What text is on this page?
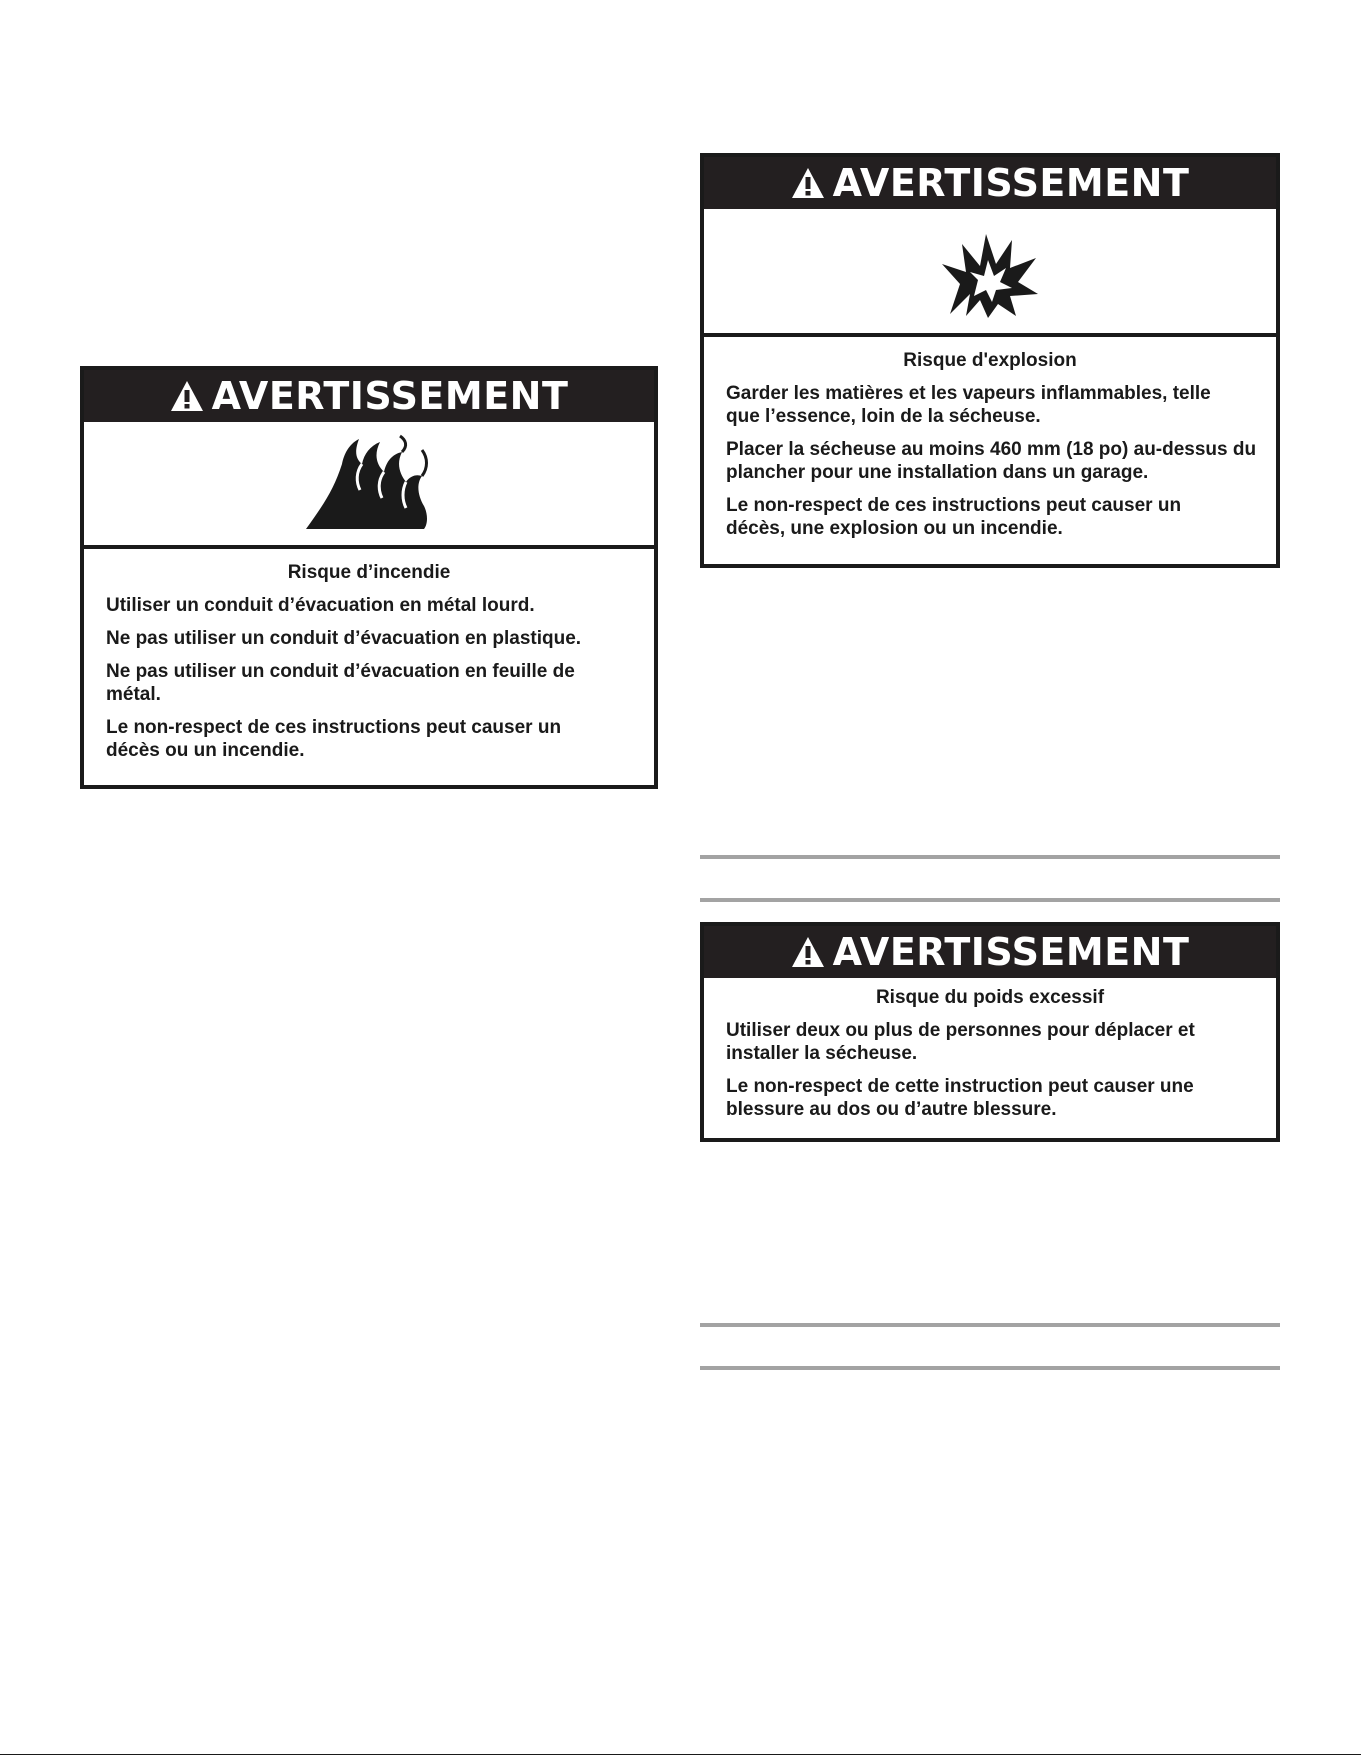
AVERTISSEMENT
Risque d’incendie

Utiliser un conduit d’évacuation en métal lourd.

Ne pas utiliser un conduit d’évacuation en plastique.

Ne pas utiliser un conduit d’évacuation en feuille de métal.

Le non-respect de ces instructions peut causer un décès ou un incendie.

AVERTISSEMENT
Risque d'explosion

Garder les matières et les vapeurs inflammables, telle que l’essence, loin de la sécheuse.

Placer la sécheuse au moins 460 mm (18 po) au-dessus du plancher pour une installation dans un garage.

Le non-respect de ces instructions peut causer un décès, une explosion ou un incendie.

AVERTISSEMENT
Risque du poids excessif

Utiliser deux ou plus de personnes pour déplacer et installer la sécheuse.

Le non-respect de cette instruction peut causer une blessure au dos ou d’autre blessure.
